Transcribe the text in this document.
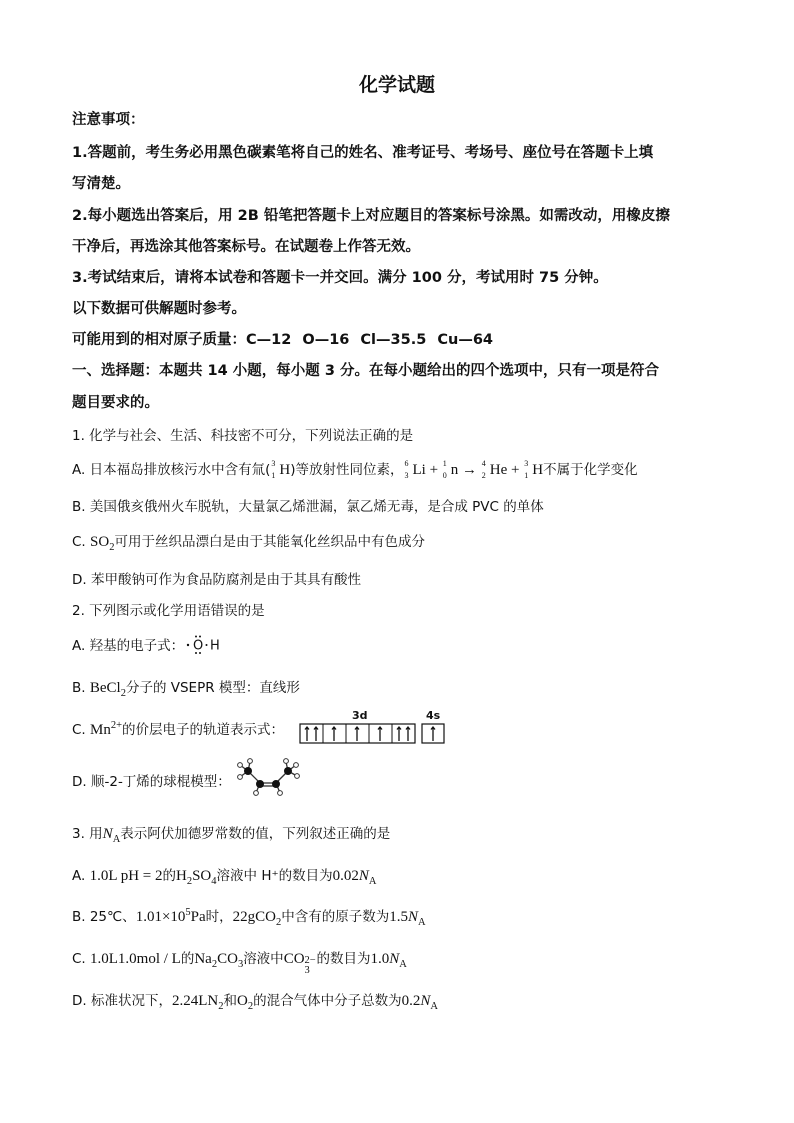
化学试题
注意事项：
1.答题前，考生务必用黑色碳素笔将自己的姓名、准考证号、考场号、座位号在答题卡上填
写清楚。
2.每小题选出答案后，用 2B 铅笔把答题卡上对应题目的答案标号涂黑。如需改动，用橡皮擦
干净后，再选涂其他答案标号。在试题卷上作答无效。
3.考试结束后，请将本试卷和答题卡一并交回。满分 100 分，考试用时 75 分钟。
以下数据可供解题时参考。
可能用到的相对原子质量：C—12 O—16 Cl—35.5 Cu—64
一、选择题：本题共 14 小题，每小题 3 分。在每小题给出的四个选项中，只有一项是符合
题目要求的。
1. 化学与社会、生活、科技密不可分，下列说法正确的是
A. 日本福岛排放核污水中含有氚( 3
1 H)等放射性同位素， 6
3 Li + 1
0 n → 4
2 He + 3
1 H不属于化学变化
B. 美国俄亥俄州火车脱轨，大量氯乙烯泄漏，氯乙烯无毒，是合成 PVC 的单体
C. $SO_2$可用于丝织品漂白是由于其能氧化丝织品中有色成分
D. 苯甲酸钠可作为食品防腐剂是由于其具有酸性
2. 下列图示或化学用语错误的是
A. 羟基的电子式： O H
B. BeCl$_2$分子的 VSEPR 模型：直线形
C. $Mn^{2+}$的价层电子的轨道表示式：
3d	4s
D. 顺-2-丁烯的球棍模型：
3. 用$N_A$表示阿伏加德罗常数的值，下列叙述正确的是
A. 1.0L pH = 2的$H_2SO_4$溶液中 H⁺的数目为$0.02N_A$
B. 25℃、$1.01\times 10^5Pa$时，22gCO$_2$中含有的原子数为$1.5N_A$
C. 1.0L1.0mol / L的$Na_2CO_3$溶液中CO 2−
3
的数目为$1.0N_A$
D. 标准状况下，$2.24LN_2$和$O_2$的混合气体中分子总数为$0.2N_A$
